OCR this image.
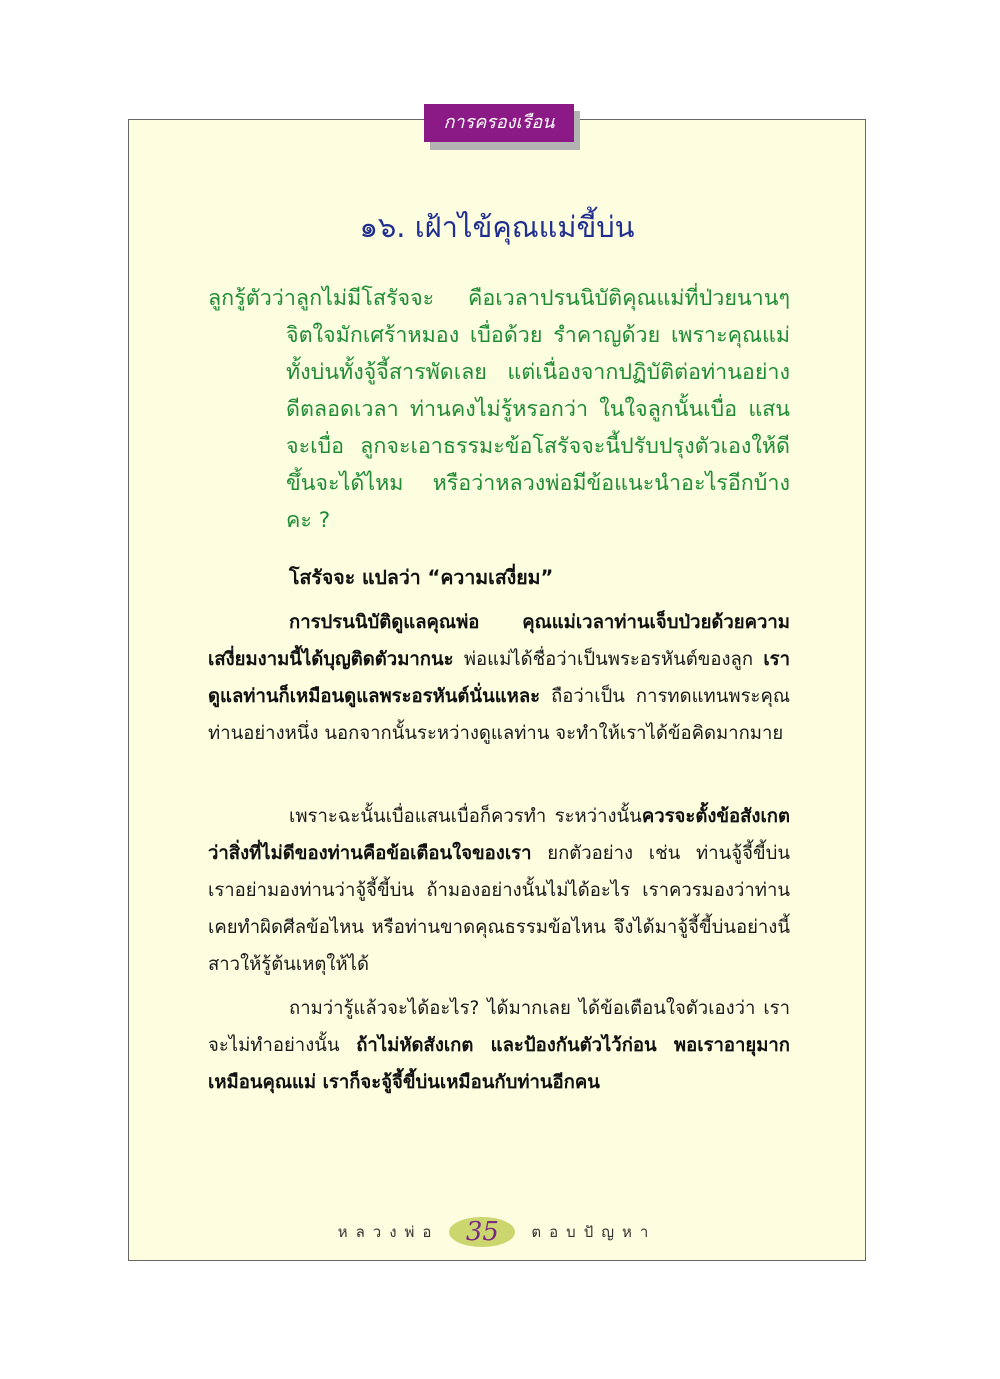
การครองเรือน
๑๖. เฝ้าไข้คุณแม่ขี้บ่น
ลูกรู้ตัวว่าลูกไม่มีโสรัจจะ คือเวลาปรนนิบัติคุณแม่ที่ป่วยนานๆ จิตใจมักเศร้าหมอง เบื่อด้วย รำคาญด้วย เพราะคุณแม่ทั้งบ่นทั้งจู้จี้สารพัดเลย แต่เนื่องจากปฏิบัติต่อท่านอย่างดีตลอดเวลา ท่านคงไม่รู้หรอกว่า ในใจลูกนั้นเบื่อ แสนจะเบื่อ ลูกจะเอาธรรมะข้อโสรัจจะนี้ปรับปรุงตัวเองให้ดีขึ้นจะได้ไหม หรือว่าหลวงพ่อมีข้อแนะนำอะไรอีกบ้างคะ ?
โสรัจจะ แปลว่า “ความเสงี่ยม”
การปรนนิบัติดูแลคุณพ่อ คุณแม่เวลาท่านเจ็บป่วยด้วยความเสงี่ยมงามนี้ได้บุญติดตัวมากนะ พ่อแม่ได้ชื่อว่าเป็นพระอรหันต์ของลูก เราดูแลท่านก็เหมือนดูแลพระอรหันต์นั่นแหละ ถือว่าเป็น การทดแทนพระคุณท่านอย่างหนึ่ง นอกจากนั้นระหว่างดูแลท่าน จะทำให้เราได้ข้อคิดมากมาย
เพราะฉะนั้นเบื่อแสนเบื่อก็ควรทำ ระหว่างนั้นควรจะตั้งข้อสังเกตว่าสิ่งที่ไม่ดีของท่านคือข้อเตือนใจของเรา ยกตัวอย่าง เช่น ท่านจู้จี้ขี้บ่น เราอย่ามองท่านว่าจู้จี้ขี้บ่น ถ้ามองอย่างนั้นไม่ได้อะไร เราควรมองว่าท่านเคยทำผิดศีลข้อไหน หรือท่านขาดคุณธรรมข้อไหน จึงได้มาจู้จี้ขี้บ่นอย่างนี้ สาวให้รู้ต้นเหตุให้ได้
ถามว่ารู้แล้วจะได้อะไร? ได้มากเลย ได้ข้อเตือนใจตัวเองว่า เราจะไม่ทำอย่างนั้น ถ้าไม่หัดสังเกต และป้องกันตัวไว้ก่อน พอเราอายุมากเหมือนคุณแม่ เราก็จะจู้จี้ขี้บ่นเหมือนกับท่านอีกคน
หลวงพ่อ	35	ตอบปัญหา
